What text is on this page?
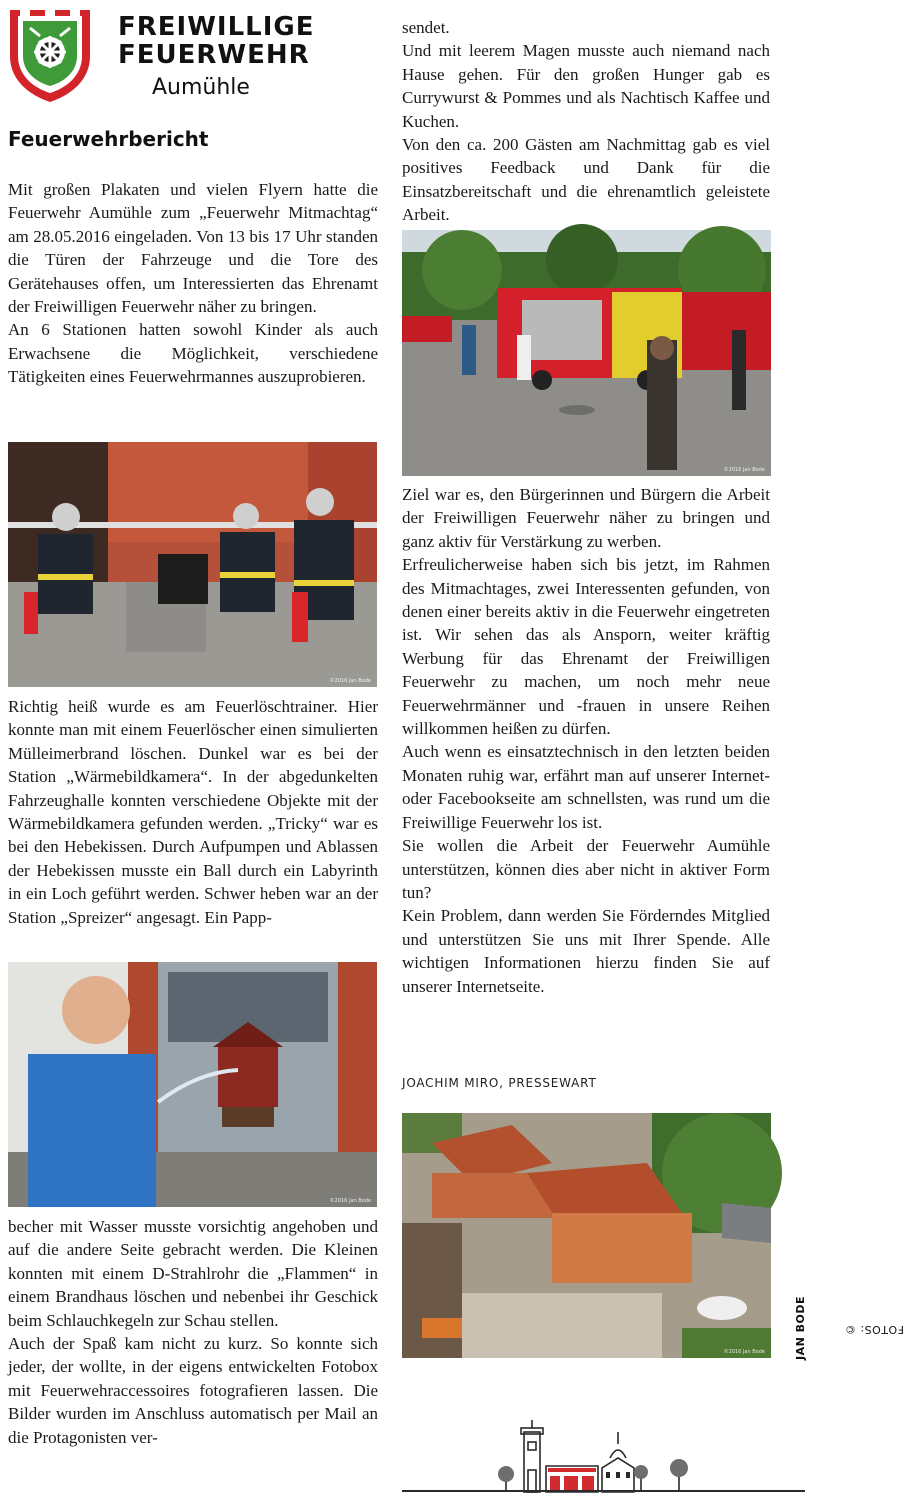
FREIWILLIGE
FEUERWEHR
Aumühle
Feuerwehrbericht

Mit großen Plakaten und vielen Flyern hatte die Feuerwehr Aumühle zum „Feuerwehr Mitmachtag“ am 28.05.2016 eingeladen. Von 13 bis 17 Uhr standen die Türen der Fahrzeuge und die Tore des Gerätehauses offen, um Interessierten das Ehrenamt der Freiwilligen Feuerwehr näher zu bringen.

An 6 Stationen hatten sowohl Kinder als auch Erwachsene die Möglichkeit, verschiedene Tätigkeiten eines Feuerwehrmannes auszuprobieren.

©2016 Jan Bode

Richtig heiß wurde es am Feuerlöschtrainer. Hier konnte man mit einem Feuerlöscher einen simulierten Mülleimerbrand löschen. Dunkel war es bei der Station „Wärmebildkamera“. In der abgedunkelten Fahrzeughalle konnten verschiedene Objekte mit der Wärmebildkamera gefunden werden. „Tricky“ war es bei den Hebekissen. Durch Aufpumpen und Ablassen der Hebekissen musste ein Ball durch ein Labyrinth in ein Loch geführt werden. Schwer heben war an der Station „Spreizer“ angesagt. Ein Papp-

©2016 Jan Bode

becher mit Wasser musste vorsichtig angehoben und auf die andere Seite gebracht werden. Die Kleinen konnten mit einem D-Strahlrohr die „Flammen“ in einem Brandhaus löschen und nebenbei ihr Geschick beim Schlauchkegeln zur Schau stellen.

Auch der Spaß kam nicht zu kurz. So konnte sich jeder, der wollte, in der eigens entwickelten Fotobox mit Feuerwehraccessoires fotografieren lassen. Die Bilder wurden im Anschluss automatisch per Mail an die Protagonisten ver-

sendet.

Und mit leerem Magen musste auch niemand nach Hause gehen. Für den großen Hunger gab es Currywurst & Pommes und als Nachtisch Kaffee und Kuchen.

Von den ca. 200 Gästen am Nachmittag gab es viel positives Feedback und Dank für die Einsatzbereitschaft und die ehrenamtlich geleistete Arbeit.

©2016 Jan Bode

Ziel war es, den Bürgerinnen und Bürgern die Arbeit der Freiwilligen Feuerwehr näher zu bringen und ganz aktiv für Verstärkung zu werben.

Erfreulicherweise haben sich bis jetzt, im Rahmen des Mitmachtages, zwei Interessenten gefunden, von denen einer bereits aktiv in die Feuerwehr eingetreten ist. Wir sehen das als Ansporn, weiter kräftig Werbung für das Ehrenamt der Freiwilligen Feuerwehr zu machen, um noch mehr neue Feuerwehrmänner und -frauen in unsere Reihen willkommen heißen zu dürfen.

Auch wenn es einsatztechnisch in den letzten beiden Monaten ruhig war, erfährt man auf unserer Internet- oder Facebookseite am schnellsten, was rund um die Freiwillige Feuerwehr los ist.

Sie wollen die Arbeit der Feuerwehr Aumühle unterstützen, können dies aber nicht in aktiver Form tun?

Kein Problem, dann werden Sie Förderndes Mitglied und unterstützen Sie uns mit Ihrer Spende. Alle wichtigen Informationen hierzu finden Sie auf unserer Internetseite.

JOACHIM MIRO, PRESSEWART
©2016 Jan Bode
FOTOS: ©
JAN BODE
